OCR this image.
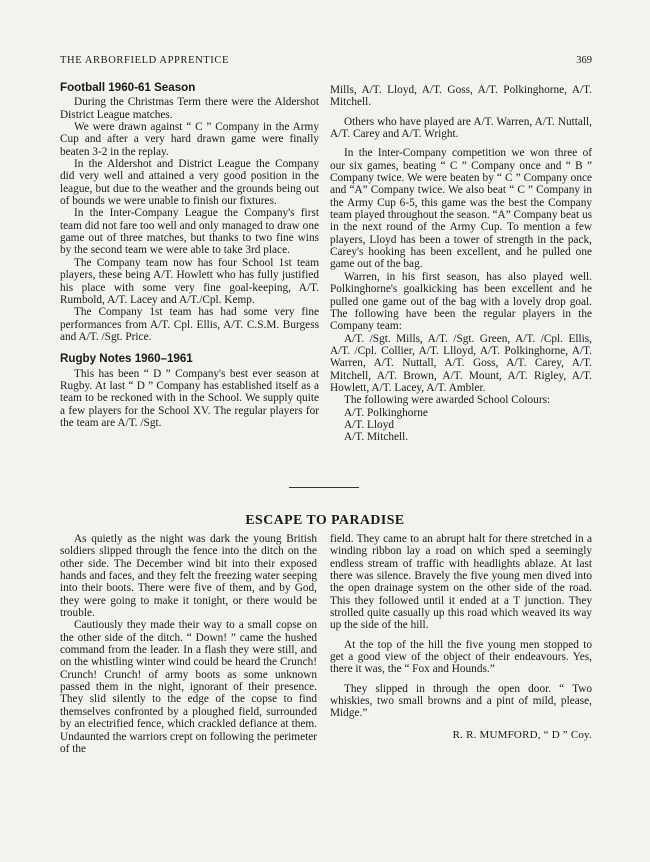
THE ARBORFIELD APPRENTICE	369
Football 1960-61 Season

During the Christmas Term there were the Aldershot District League matches.

We were drawn against “ C ” Company in the Army Cup and after a very hard drawn game were finally beaten 3-2 in the replay.

In the Aldershot and District League the Company did very well and attained a very good position in the league, but due to the weather and the grounds being out of bounds we were unable to finish our fixtures.

In the Inter-Company League the Company's first team did not fare too well and only managed to draw one game out of three matches, but thanks to two fine wins by the second team we were able to take 3rd place.

The Company team now has four School 1st team players, these being A/T. Howlett who has fully justified his place with some very fine goal-keeping, A/T. Rumbold, A/T. Lacey and A/T./Cpl. Kemp.

The Company 1st team has had some very fine performances from A/T. Cpl. Ellis, A/T. C.S.M. Burgess and A/T. /Sgt. Price.

Rugby Notes 1960–1961

This has been “ D ” Company's best ever season at Rugby. At last “ D ” Company has established itself as a team to be reckoned with in the School. We supply quite a few players for the School XV. The regular players for the team are A/T. /Sgt.

Mills, A/T. Lloyd, A/T. Goss, A/T. Polkinghorne, A/T. Mitchell.

Others who have played are A/T. Warren, A/T. Nuttall, A/T. Carey and A/T. Wright.

In the Inter-Company competition we won three of our six games, beating “ C ” Company once and “ B ” Company twice. We were beaten by “ C ” Company once and “A” Company twice. We also beat “ C ” Company in the Army Cup 6-5, this game was the best the Company team played throughout the season. “A” Company beat us in the next round of the Army Cup. To mention a few players, Lloyd has been a tower of strength in the pack, Carey's hooking has been excellent, and he pulled one game out of the bag.

Warren, in his first season, has also played well. Polkinghorne's goalkicking has been excellent and he pulled one game out of the bag with a lovely drop goal. The following have been the regular players in the Company team:

A/T. /Sgt. Mills, A/T. /Sgt. Green, A/T. /Cpl. Ellis, A/T. /Cpl. Collier, A/T. Llloyd, A/T. Polkinghorne, A/T. Warren, A/T. Nuttall, A/T. Goss, A/T. Carey, A/T. Mitchell, A/T. Brown, A/T. Mount, A/T. Rigley, A/T. Howlett, A/T. Lacey, A/T. Ambler.

The following were awarded School Colours:

A/T. Polkinghorne

A/T. Lloyd

A/T. Mitchell.

ESCAPE TO PARADISE

As quietly as the night was dark the young British soldiers slipped through the fence into the ditch on the other side. The December wind bit into their exposed hands and faces, and they felt the freezing water seeping into their boots. There were five of them, and by God, they were going to make it tonight, or there would be trouble.

Cautiously they made their way to a small copse on the other side of the ditch. “ Down! ” came the hushed command from the leader. In a flash they were still, and on the whistling winter wind could be heard the Crunch! Crunch! Crunch! of army boots as some unknown passed them in the night, ignorant of their presence. They slid silently to the edge of the copse to find themselves confronted by a ploughed field, surrounded by an electrified fence, which crackled defiance at them. Undaunted the warriors crept on following the perimeter of the

field. They came to an abrupt halt for there stretched in a winding ribbon lay a road on which sped a seemingly endless stream of traffic with headlights ablaze. At last there was silence. Bravely the five young men dived into the open drainage system on the other side of the road. This they followed until it ended at a T junction. They strolled quite casually up this road which weaved its way up the side of the hill.

At the top of the hill the five young men stopped to get a good view of the object of their endeavours. Yes, there it was, the “ Fox and Hounds.”

They slipped in through the open door. “ Two whiskies, two small browns and a pint of mild, please, Midge.”

R. R. MUMFORD, “ D ” Coy.
